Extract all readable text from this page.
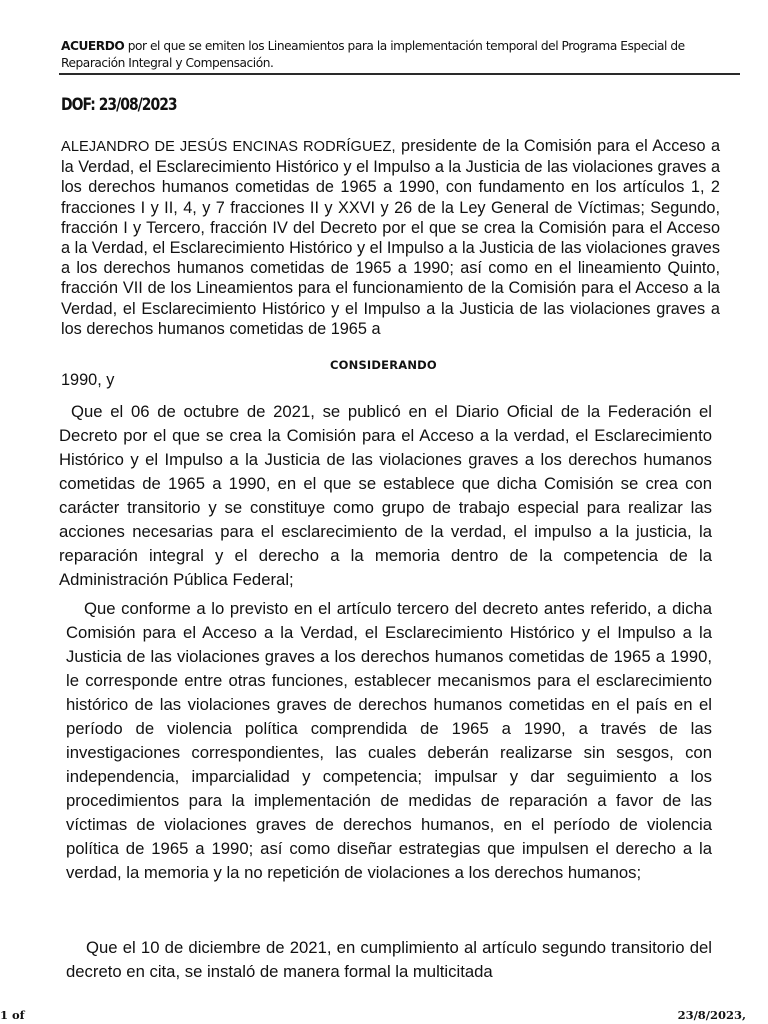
ACUERDO por el que se emiten los Lineamientos para la implementación temporal del Programa Especial de Reparación Integral y Compensación.
DOF: 23/08/2023
ALEJANDRO DE JESÚS ENCINAS RODRÍGUEZ, presidente de la Comisión para el Acceso a la Verdad, el Esclarecimiento Histórico y el Impulso a la Justicia de las violaciones graves a los derechos humanos cometidas de 1965 a 1990, con fundamento en los artículos 1, 2 fracciones I y II, 4, y 7 fracciones II y XXVI y 26 de la Ley General de Víctimas; Segundo, fracción I y Tercero, fracción IV del Decreto por el que se crea la Comisión para el Acceso a la Verdad, el Esclarecimiento Histórico y el Impulso a la Justicia de las violaciones graves a los derechos humanos cometidas de 1965 a 1990; así como en el lineamiento Quinto, fracción VII de los Lineamientos para el funcionamiento de la Comisión para el Acceso a la Verdad, el Esclarecimiento Histórico y el Impulso a la Justicia de las violaciones graves a los derechos humanos cometidas de 1965 a
CONSIDERANDO
1990, y
Que el 06 de octubre de 2021, se publicó en el Diario Oficial de la Federación el Decreto por el que se crea la Comisión para el Acceso a la verdad, el Esclarecimiento Histórico y el Impulso a la Justicia de las violaciones graves a los derechos humanos cometidas de 1965 a 1990, en el que se establece que dicha Comisión se crea con carácter transitorio y se constituye como grupo de trabajo especial para realizar las acciones necesarias para el esclarecimiento de la verdad, el impulso a la justicia, la reparación integral y el derecho a la memoria dentro de la competencia de la Administración Pública Federal;
Que conforme a lo previsto en el artículo tercero del decreto antes referido, a dicha Comisión para el Acceso a la Verdad, el Esclarecimiento Histórico y el Impulso a la Justicia de las violaciones graves a los derechos humanos cometidas de 1965 a 1990, le corresponde entre otras funciones, establecer mecanismos para el esclarecimiento histórico de las violaciones graves de derechos humanos cometidas en el país en el período de violencia política comprendida de 1965 a 1990, a través de las investigaciones correspondientes, las cuales deberán realizarse sin sesgos, con independencia, imparcialidad y competencia; impulsar y dar seguimiento a los procedimientos para la implementación de medidas de reparación a favor de las víctimas de violaciones graves de derechos humanos, en el período de violencia política de 1965 a 1990; así como diseñar estrategias que impulsen el derecho a la verdad, la memoria y la no repetición de violaciones a los derechos humanos;
Que el 10 de diciembre de 2021, en cumplimiento al artículo segundo transitorio del decreto en cita, se instaló de manera formal la multicitada
1 of	23/8/2023,
